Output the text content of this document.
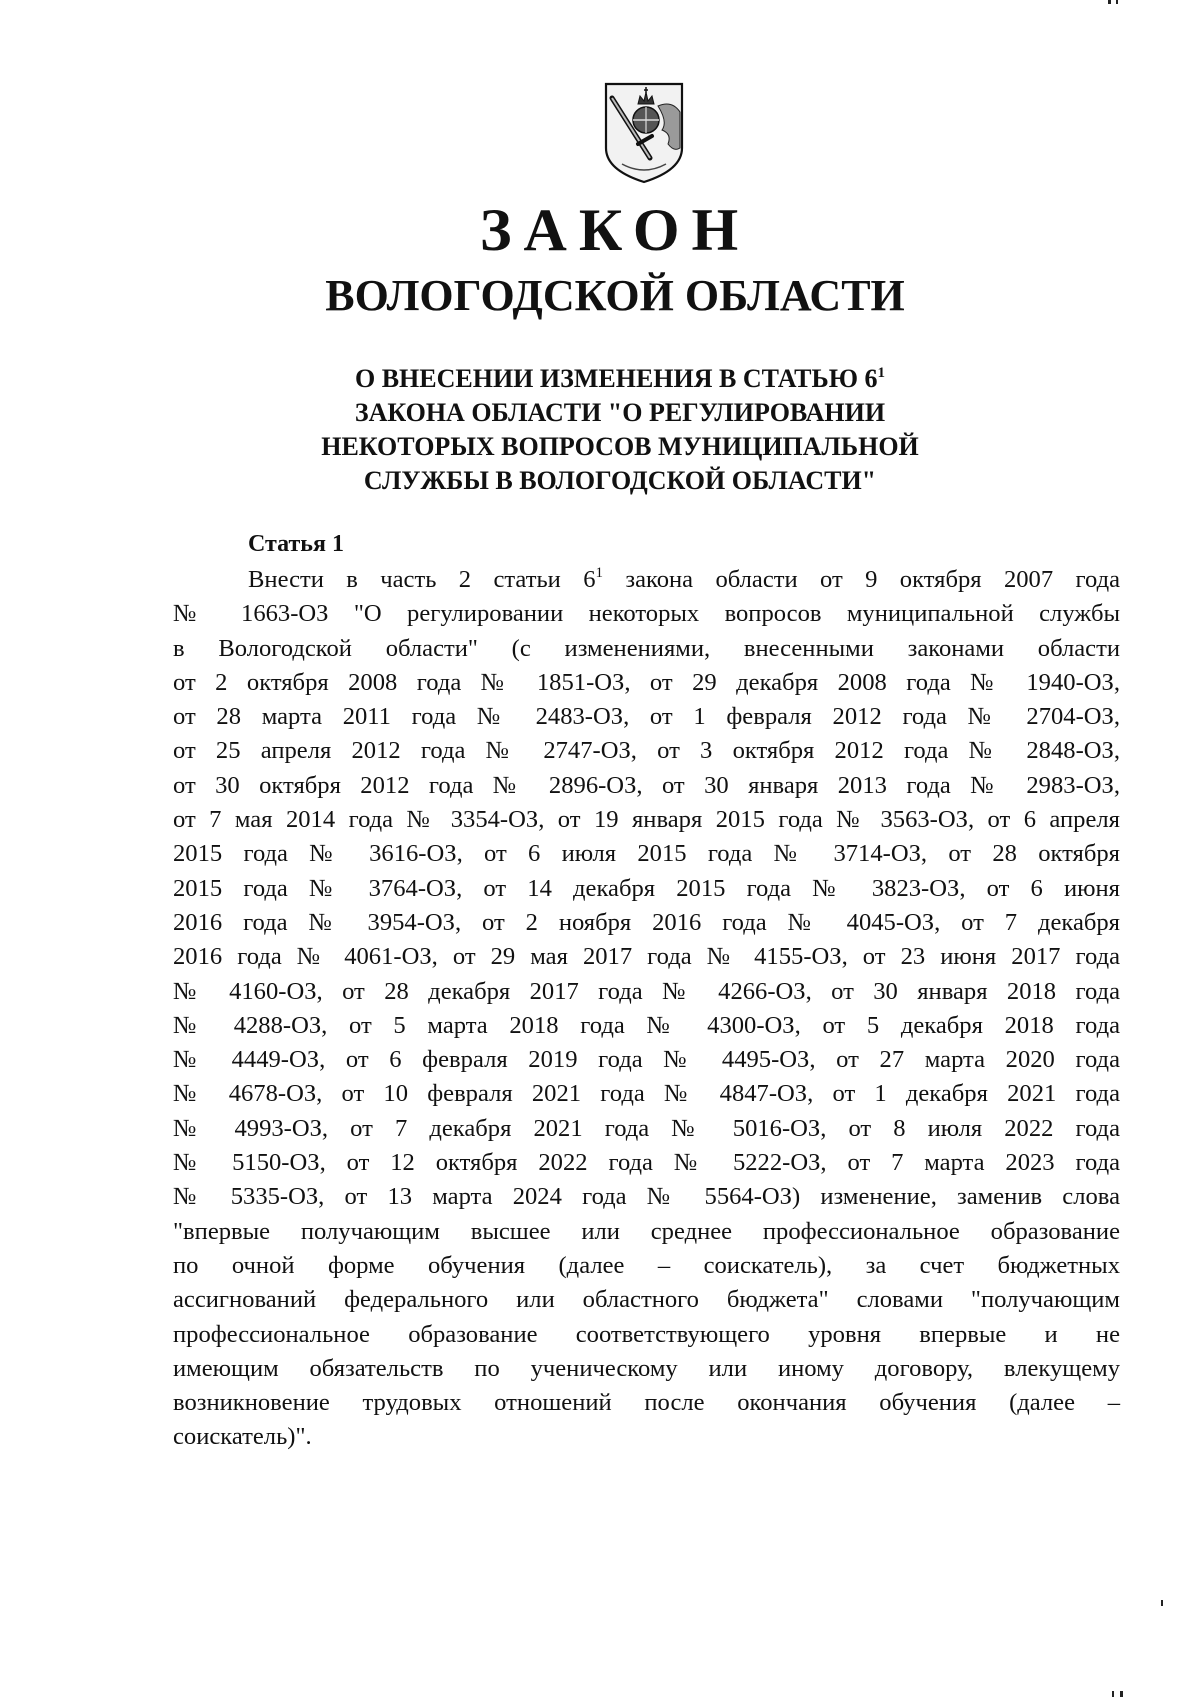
ЗАКОН
ВОЛОГОДСКОЙ ОБЛАСТИ
О ВНЕСЕНИИ ИЗМЕНЕНИЯ В СТАТЬЮ $6^1$
ЗАКОНА ОБЛАСТИ "О РЕГУЛИРОВАНИИ
НЕКОТОРЫХ ВОПРОСОВ МУНИЦИПАЛЬНОЙ
СЛУЖБЫ В ВОЛОГОДСКОЙ ОБЛАСТИ"
Статья 1
Внести в часть 2 статьи $6^1$ закона области от 9 октября 2007 года
№ 1663-ОЗ "О регулировании некоторых вопросов муниципальной службы
в Вологодской области" (с изменениями, внесенными законами области
от 2 октября 2008 года № 1851-ОЗ, от 29 декабря 2008 года № 1940-ОЗ,
от 28 марта 2011 года № 2483-ОЗ, от 1 февраля 2012 года № 2704-ОЗ,
от 25 апреля 2012 года № 2747-ОЗ, от 3 октября 2012 года № 2848-ОЗ,
от 30 октября 2012 года № 2896-ОЗ, от 30 января 2013 года № 2983-ОЗ,
от 7 мая 2014 года № 3354-ОЗ, от 19 января 2015 года № 3563-ОЗ, от 6 апреля
2015 года № 3616-ОЗ, от 6 июля 2015 года № 3714-ОЗ, от 28 октября
2015 года № 3764-ОЗ, от 14 декабря 2015 года № 3823-ОЗ, от 6 июня
2016 года № 3954-ОЗ, от 2 ноября 2016 года № 4045-ОЗ, от 7 декабря
2016 года № 4061-ОЗ, от 29 мая 2017 года № 4155-ОЗ, от 23 июня 2017 года
№ 4160-ОЗ, от 28 декабря 2017 года № 4266-ОЗ, от 30 января 2018 года
№ 4288-ОЗ, от 5 марта 2018 года № 4300-ОЗ, от 5 декабря 2018 года
№ 4449-ОЗ, от 6 февраля 2019 года № 4495-ОЗ, от 27 марта 2020 года
№ 4678-ОЗ, от 10 февраля 2021 года № 4847-ОЗ, от 1 декабря 2021 года
№ 4993-ОЗ, от 7 декабря 2021 года № 5016-ОЗ, от 8 июля 2022 года
№ 5150-ОЗ, от 12 октября 2022 года № 5222-ОЗ, от 7 марта 2023 года
№ 5335-ОЗ, от 13 марта 2024 года № 5564-ОЗ) изменение, заменив слова
"впервые получающим высшее или среднее профессиональное образование
по очной форме обучения (далее – соискатель), за счет бюджетных
ассигнований федерального или областного бюджета" словами "получающим
профессиональное образование соответствующего уровня впервые и не
имеющим обязательств по ученическому или иному договору, влекущему
возникновение трудовых отношений после окончания обучения (далее –
соискатель)".
